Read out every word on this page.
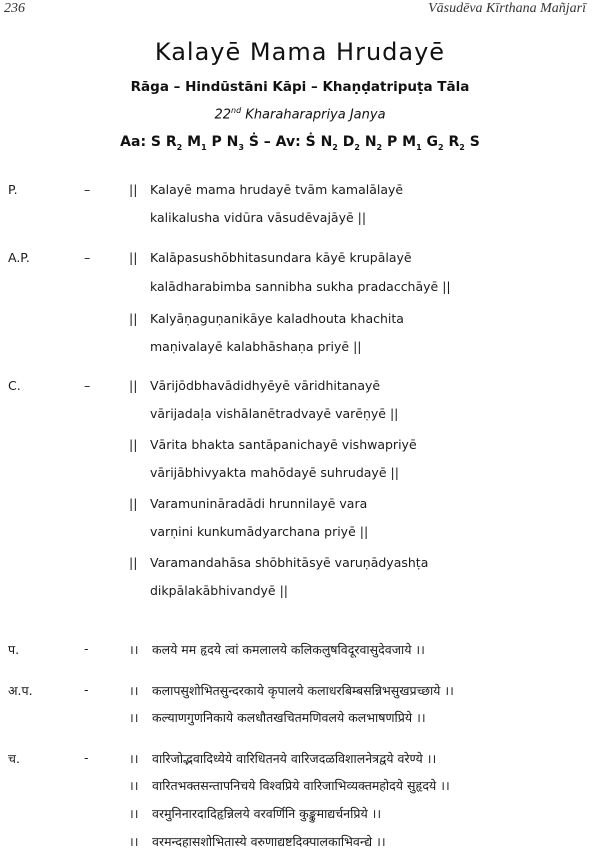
236	Vāsudēva Kīrthana Mañjarī
Kalayē Mama Hrudayē
Rāga – Hindūstāni Kāpi – Khaṇḍatripuṭa Tāla
22nd Kharaharapriya Janya
Aa: S $R_2$ $M_1$ P $N_3$ Ṡ – Av: Ṡ $N_2$ $D_2$ $N_2$ P $M_1$ $G_2$ $R_2$ S
P.	–	|| Kalayē mama hrudayē tvām kamalālayē
kalikalusha vidūra vāsudēvajāyē ||
A.P.	–	|| Kalāpasushōbhitasundara kāyē krupālayē
kalādharabimba sannibha sukha pradacchāyē ||
|| Kalyāṇaguṇanikāye kaladhouta khachita
maṇivalayē kalabhāshaṇa priyē ||
C.	–	|| Vārijōdbhavādidhyēyē vāridhitanayē
vārijadaḷa vishālanētradvayē varēṇyē ||
|| Vārita bhakta santāpanichayē vishwapriyē
vārijābhivyakta mahōdayē suhrudayē ||
|| Varamunināradādi hrunnilayē vara
varṇini kunkumādyarchana priyē ||
|| Varamandahāsa shōbhitāsyē varuṇādyashṭa
dikpālakābhivandyē ||
प.	-	।। कलये मम हृदये त्वां कमलालये कलिकलुषविदूरवासुदेवजाये ।।
अ.प.	-	।। कलापसुशोभितसुन्दरकाये कृपालये कलाधरबिम्बसन्निभसुखप्रच्छाये ।।
।। कल्याणगुणनिकाये कलधौतखचितमणिवलये कलभाषणप्रिये ।।
च.	-	।। वारिजोद्भवादिध्येये वारिधितनये वारिजदळविशालनेत्रद्वये वरेण्ये ।।
।। वारितभक्तसन्तापनिचये विश्वप्रिये वारिजाभिव्यक्तमहोदये सुहृदये ।।
।। वरमुनिनारदादिहृन्निलये वरवर्णिनि कुङ्कुमाद्यर्चनप्रिये ।।
।। वरमन्दहासशोभितास्ये वरुणाद्यष्टदिक्पालकाभिवन्द्ये ।।
